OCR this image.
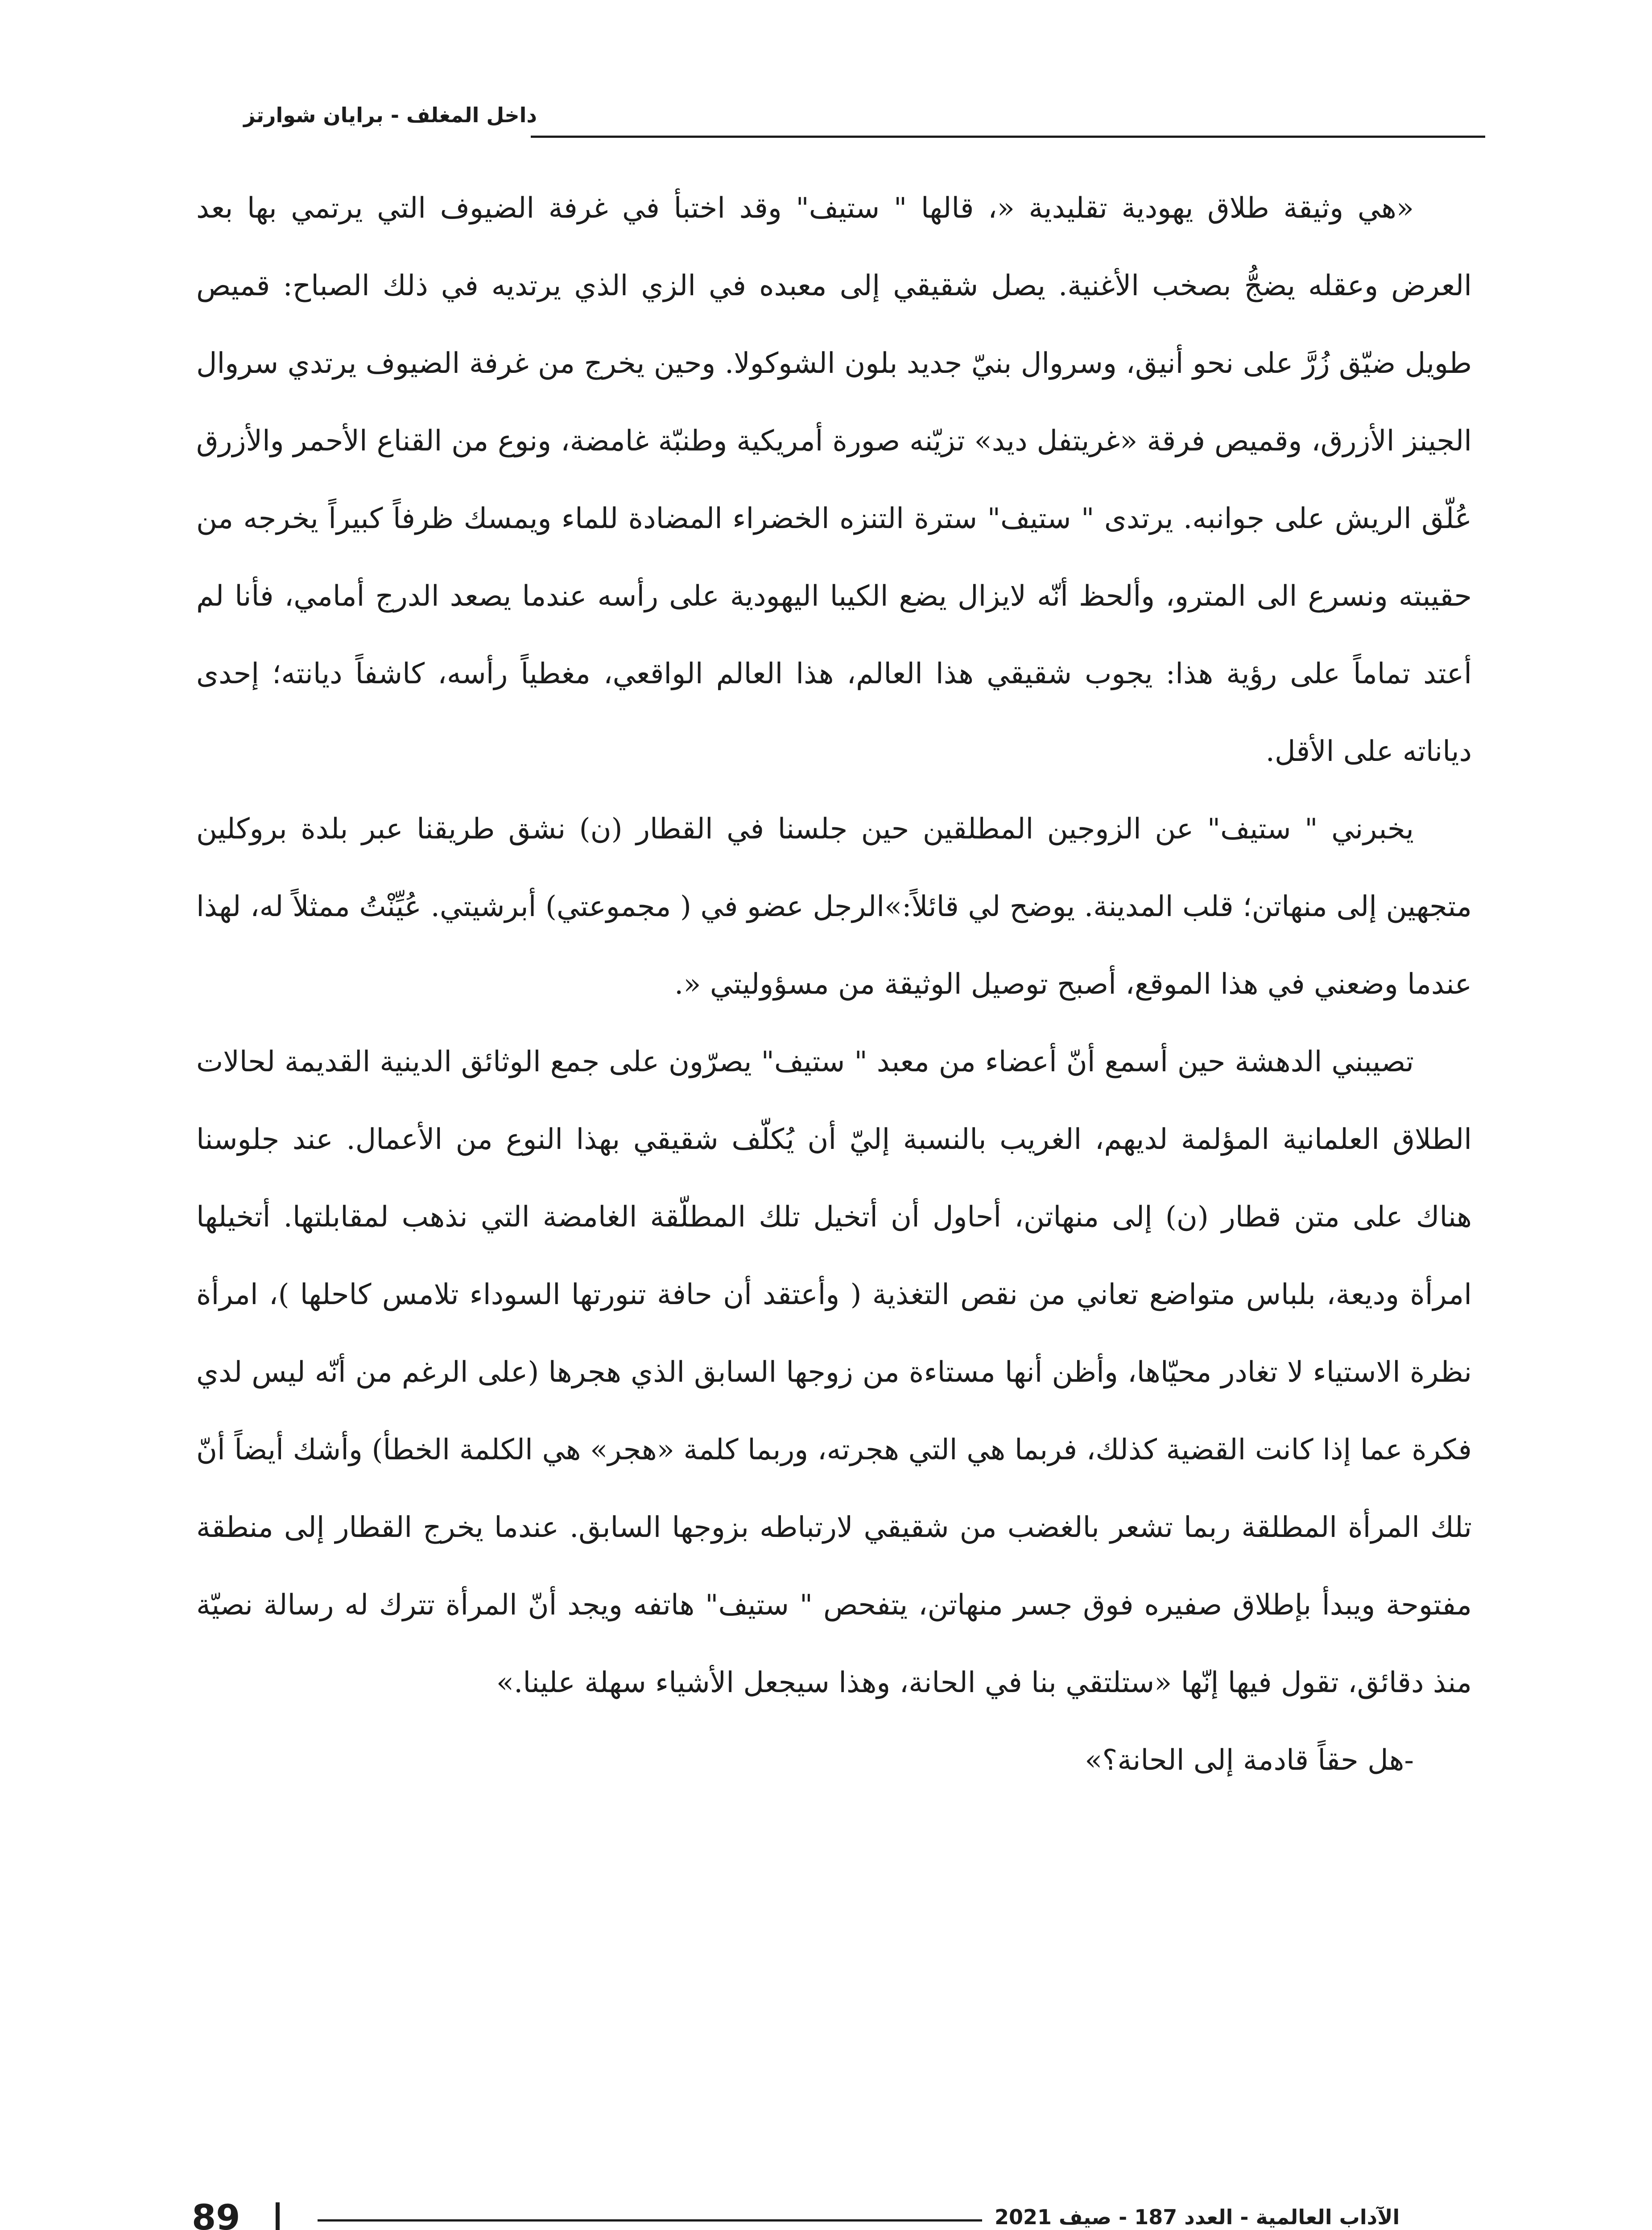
داخل المغلف - برايان شوارتز

«هي وثيقة طلاق يهودية تقليدية «، قالها " ستيف" وقد اختبأ في غرفة الضيوف التي يرتمي بها بعد العرض وعقله يضجُّ بصخب الأغنية. يصل شقيقي إلى معبده في الزي الذي يرتديه في ذلك الصباح: قميص طويل ضيّق زُرَّ على نحو أنيق، وسروال بنيّ جديد بلون الشوكولا. وحين يخرج من غرفة الضيوف يرتدي سروال الجينز الأزرق، وقميص فرقة «غريتفل ديد» تزيّنه صورة أمريكية وطنبّة غامضة، ونوع من القناع الأحمر والأزرق عُلّق الريش على جوانبه. يرتدى " ستيف" سترة التنزه الخضراء المضادة للماء ويمسك ظرفاً كبيراً يخرجه من حقيبته ونسرع الى المترو، وألحظ أنّه لايزال يضع الكيبا اليهودية على رأسه عندما يصعد الدرج أمامي، فأنا لم أعتد تماماً على رؤية هذا: يجوب شقيقي هذا العالم، هذا العالم الواقعي، مغطياً رأسه، كاشفاً ديانته؛ إحدى دياناته على الأقل.

يخبرني " ستيف" عن الزوجين المطلقين حين جلسنا في القطار (ن) نشق طريقنا عبر بلدة بروكلين متجهين إلى منهاتن؛ قلب المدينة. يوضح لي قائلاً:»الرجل عضو في ( مجموعتي) أبرشيتي. عُيِّنْتُ ممثلاً له، لهذا عندما وضعني في هذا الموقع، أصبح توصيل الوثيقة من مسؤوليتي «.

تصيبني الدهشة حين أسمع أنّ أعضاء من معبد " ستيف" يصرّون على جمع الوثائق الدينية القديمة لحالات الطلاق العلمانية المؤلمة لديهم، الغريب بالنسبة إليّ أن يُكلّف شقيقي بهذا النوع من الأعمال. عند جلوسنا هناك على متن قطار (ن) إلى منهاتن، أحاول أن أتخيل تلك المطلّقة الغامضة التي نذهب لمقابلتها. أتخيلها امرأة وديعة، بلباس متواضع تعاني من نقص التغذية ( وأعتقد أن حافة تنورتها السوداء تلامس كاحلها )، امرأة نظرة الاستياء لا تغادر محيّاها، وأظن أنها مستاءة من زوجها السابق الذي هجرها (على الرغم من أنّه ليس لدي فكرة عما إذا كانت القضية كذلك، فربما هي التي هجرته، وربما كلمة «هجر» هي الكلمة الخطأ) وأشك أيضاً أنّ تلك المرأة المطلقة ربما تشعر بالغضب من شقيقي لارتباطه بزوجها السابق. عندما يخرج القطار إلى منطقة مفتوحة ويبدأ بإطلاق صفيره فوق جسر منهاتن، يتفحص " ستيف" هاتفه ويجد أنّ المرأة تترك له رسالة نصيّة منذ دقائق، تقول فيها إنّها «ستلتقي بنا في الحانة، وهذا سيجعل الأشياء سهلة علينا.»

-هل حقاً قادمة إلى الحانة؟»

89	الآداب العالمية - العدد 187 - صيف 2021
